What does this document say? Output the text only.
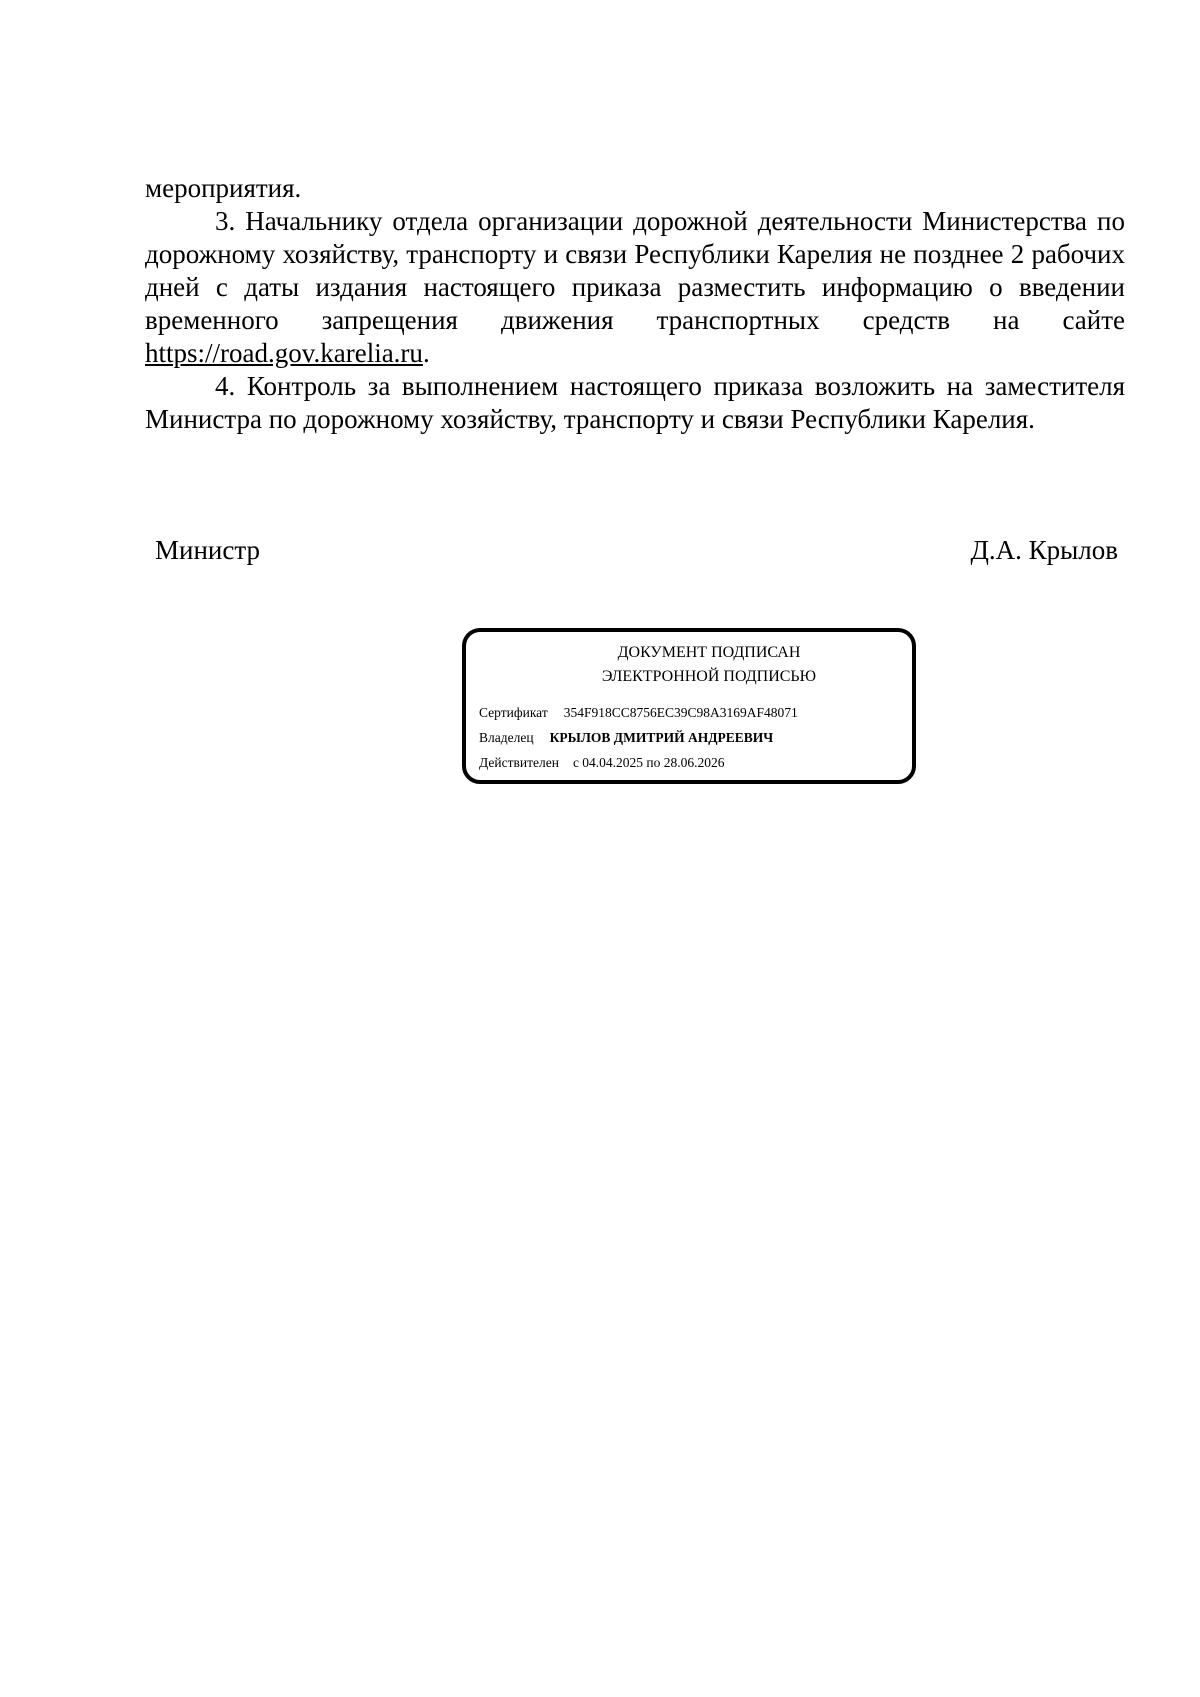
мероприятия.

3. Начальнику отдела организации дорожной деятельности Министерства по дорожному хозяйству, транспорту и связи Республики Карелия не позднее 2 рабочих дней с даты издания настоящего приказа разместить информацию о введении временного запрещения движения транспортных средств на сайте https://road.gov.karelia.ru.

4. Контроль за выполнением настоящего приказа возложить на заместителя Министра по дорожному хозяйству, транспорту и связи Республики Карелия.

Министр	Д.А. Крылов
ДОКУМЕНТ ПОДПИСАН
ЭЛЕКТРОННОЙ ПОДПИСЬЮ
Сертификат 354F918CC8756EC39C98A3169AF48071
Владелец КРЫЛОВ ДМИТРИЙ АНДРЕЕВИЧ
Действителен с 04.04.2025 по 28.06.2026
